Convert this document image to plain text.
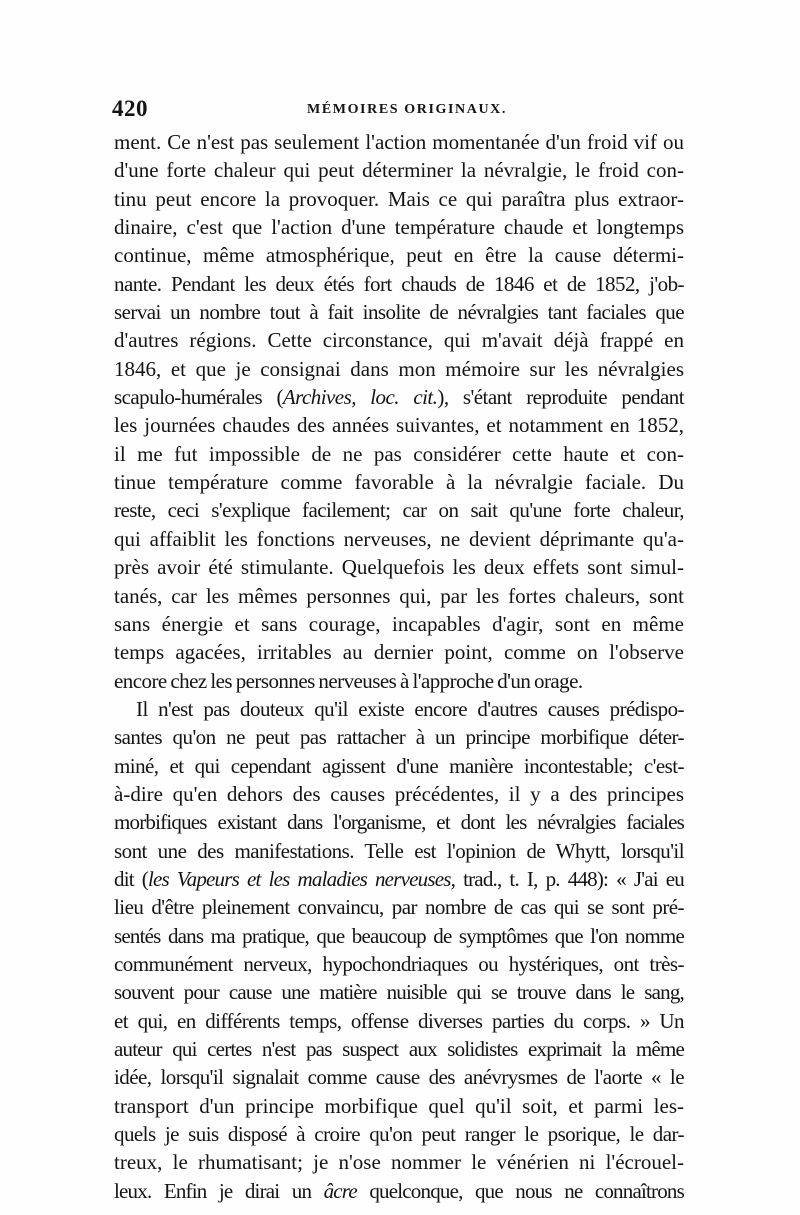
420	MÉMOIRES ORIGINAUX.
ment. Ce n'est pas seulement l'action momentanée d'un froid vif ou
d'une forte chaleur qui peut déterminer la névralgie, le froid con-
tinu peut encore la provoquer. Mais ce qui paraîtra plus extraor-
dinaire, c'est que l'action d'une température chaude et longtemps
continue, même atmosphérique, peut en être la cause détermi-
nante. Pendant les deux étés fort chauds de 1846 et de 1852, j'ob-
servai un nombre tout à fait insolite de névralgies tant faciales que
d'autres régions. Cette circonstance, qui m'avait déjà frappé en
1846, et que je consignai dans mon mémoire sur les névralgies
scapulo-humérales (Archives, loc. cit.), s'étant reproduite pendant
les journées chaudes des années suivantes, et notamment en 1852,
il me fut impossible de ne pas considérer cette haute et con-
tinue température comme favorable à la névralgie faciale. Du
reste, ceci s'explique facilement; car on sait qu'une forte chaleur,
qui affaiblit les fonctions nerveuses, ne devient déprimante qu'a-
près avoir été stimulante. Quelquefois les deux effets sont simul-
tanés, car les mêmes personnes qui, par les fortes chaleurs, sont
sans énergie et sans courage, incapables d'agir, sont en même
temps agacées, irritables au dernier point, comme on l'observe
encore chez les personnes nerveuses à l'approche d'un orage.
Il n'est pas douteux qu'il existe encore d'autres causes prédispo-
santes qu'on ne peut pas rattacher à un principe morbifique déter-
miné, et qui cependant agissent d'une manière incontestable; c'est-
à-dire qu'en dehors des causes précédentes, il y a des principes
morbifiques existant dans l'organisme, et dont les névralgies faciales
sont une des manifestations. Telle est l'opinion de Whytt, lorsqu'il
dit (les Vapeurs et les maladies nerveuses, trad., t. I, p. 448): « J'ai eu
lieu d'être pleinement convaincu, par nombre de cas qui se sont pré-
sentés dans ma pratique, que beaucoup de symptômes que l'on nomme
communément nerveux, hypochondriaques ou hystériques, ont très-
souvent pour cause une matière nuisible qui se trouve dans le sang,
et qui, en différents temps, offense diverses parties du corps. » Un
auteur qui certes n'est pas suspect aux solidistes exprimait la même
idée, lorsqu'il signalait comme cause des anévrysmes de l'aorte « le
transport d'un principe morbifique quel qu'il soit, et parmi les-
quels je suis disposé à croire qu'on peut ranger le psorique, le dar-
treux, le rhumatisant; je n'ose nommer le vénérien ni l'écrouel-
leux. Enfin je dirai un âcre quelconque, que nous ne connaîtrons
